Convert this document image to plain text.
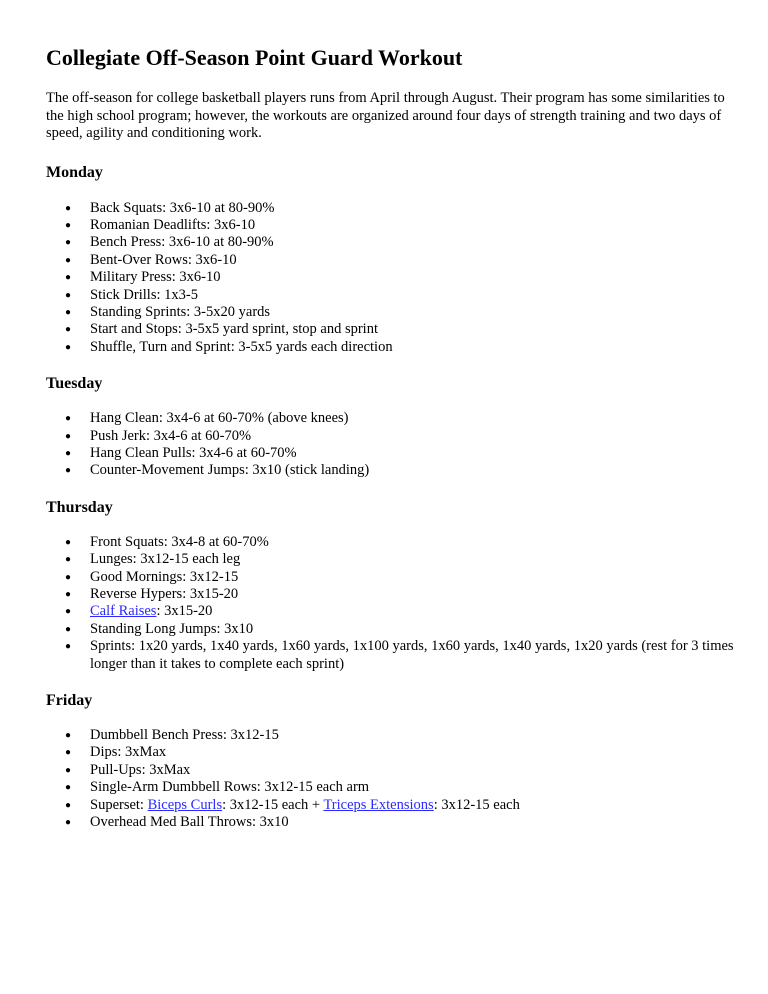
Collegiate Off-Season Point Guard Workout

The off-season for college basketball players runs from April through August. Their program has some similarities to the high school program; however, the workouts are organized around four days of strength training and two days of speed, agility and conditioning work.

Monday
● Back Squats: 3x6-10 at 80-90%
● Romanian Deadlifts: 3x6-10
● Bench Press: 3x6-10 at 80-90%
● Bent-Over Rows: 3x6-10
● Military Press: 3x6-10
● Stick Drills: 1x3-5
● Standing Sprints: 3-5x20 yards
● Start and Stops: 3-5x5 yard sprint, stop and sprint
● Shuffle, Turn and Sprint: 3-5x5 yards each direction
Tuesday
● Hang Clean: 3x4-6 at 60-70% (above knees)
● Push Jerk: 3x4-6 at 60-70%
● Hang Clean Pulls: 3x4-6 at 60-70%
● Counter-Movement Jumps: 3x10 (stick landing)
Thursday
● Front Squats: 3x4-8 at 60-70%
● Lunges: 3x12-15 each leg
● Good Mornings: 3x12-15
● Reverse Hypers: 3x15-20
● Calf Raises: 3x15-20
● Standing Long Jumps: 3x10
● Sprints: 1x20 yards, 1x40 yards, 1x60 yards, 1x100 yards, 1x60 yards, 1x40 yards, 1x20 yards (rest for 3 times longer than it takes to complete each sprint)
Friday
● Dumbbell Bench Press: 3x12-15
● Dips: 3xMax
● Pull-Ups: 3xMax
● Single-Arm Dumbbell Rows: 3x12-15 each arm
● Superset: Biceps Curls: 3x12-15 each + Triceps Extensions: 3x12-15 each
● Overhead Med Ball Throws: 3x10
